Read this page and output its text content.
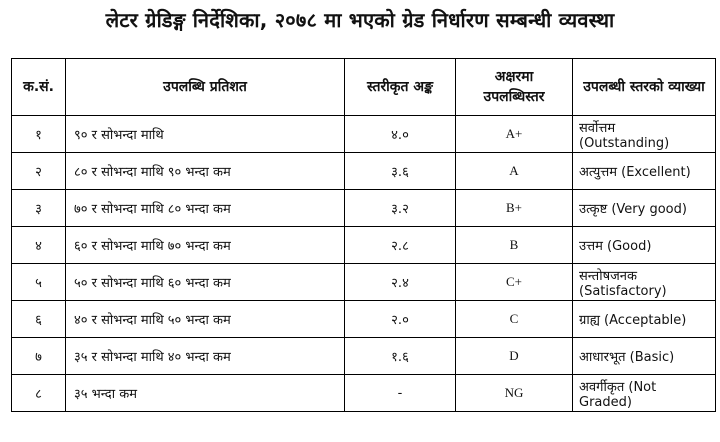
लेटर ग्रेडिङ्ग निर्देशिका, २०७८ मा भएको ग्रेड निर्धारण सम्बन्धी व्यवस्था
क.सं.	उपलब्धि प्रतिशत	स्तरीकृत अङ्क	अक्षरमा उपलब्धिस्तर	उपलब्धी स्तरको व्याख्या
१	९० र सोभन्दा माथि	४.०	A+	सर्वोत्तम (Outstanding)
२	८० र सोभन्दा माथि ९० भन्दा कम	३.६	A	अत्युत्तम (Excellent)
३	७० र सोभन्दा माथि ८० भन्दा कम	३.२	B+	उत्कृष्ट (Very good)
४	६० र सोभन्दा माथि ७० भन्दा कम	२.८	B	उत्तम (Good)
५	५० र सोभन्दा माथि ६० भन्दा कम	२.४	C+	सन्तोषजनक (Satisfactory)
६	४० र सोभन्दा माथि ५० भन्दा कम	२.०	C	ग्राह्य (Acceptable)
७	३५ र सोभन्दा माथि ४० भन्दा कम	१.६	D	आधारभूत (Basic)
८	३५ भन्दा कम	-	NG	अवर्गीकृत (Not Graded)
